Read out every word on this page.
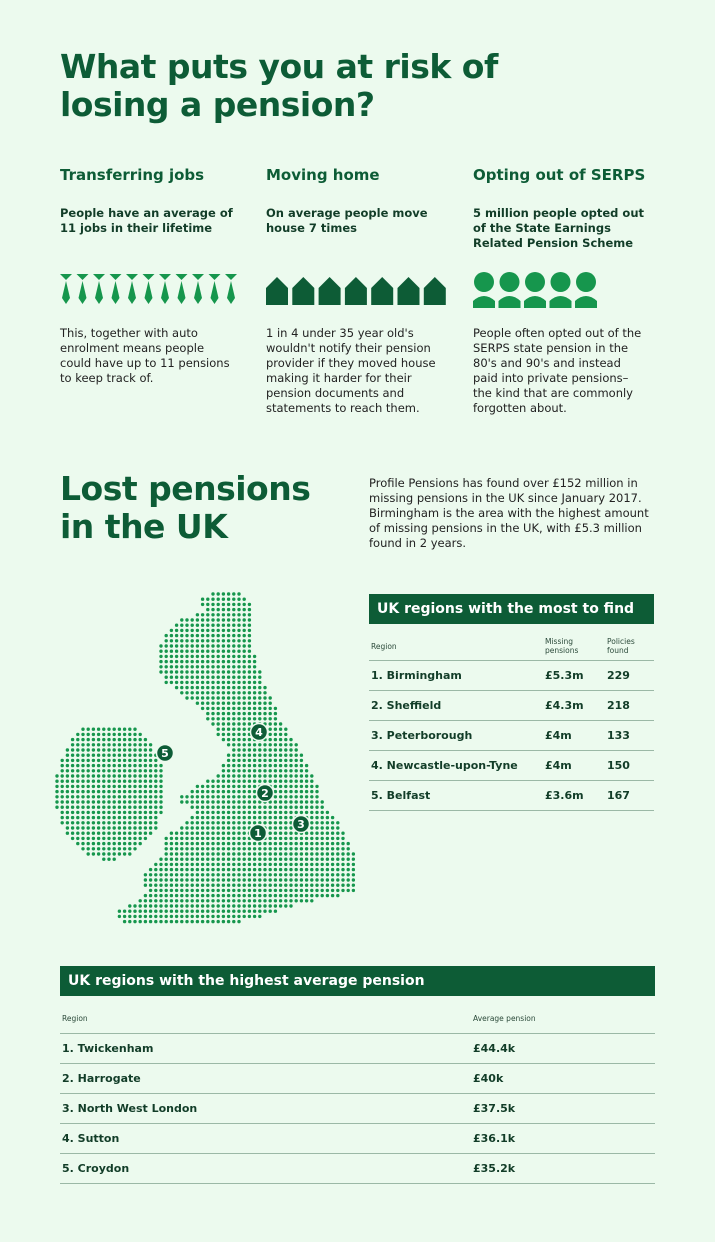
What puts you at risk of losing a pension?
Transferring jobs
People have an average of 11 jobs in their lifetime
This, together with auto enrolment means people could have up to 11 pensions to keep track of.
Moving home
On average people move house 7 times
1 in 4 under 35 year old's wouldn't notify their pension provider if they moved house making it harder for their pension documents and statements to reach them.
Opting out of SERPS
5 million people opted out of the State Earnings Related Pension Scheme
People often opted out of the SERPS state pension in the 80's and 90's and instead paid into private pensions– the kind that are commonly forgotten about.
Lost pensions in the UK
Profile Pensions has found over £152 million in missing pensions in the UK since January 2017. Birmingham is the area with the highest amount of missing pensions in the UK, with £5.3 million found in 2 years.
1
2
3
4
5
UK regions with the most to find
Region
Missing pensions
Policies found
1. Birmingham	£5.3m 229
2. Sheffield	£4.3m 218
3. Peterborough	£4m	133
4. Newcastle-upon-Tyne £4m	150
5. Belfast	£3.6m 167
UK regions with the highest average pension
Region	Average pension
1. Twickenham	£44.4k
2. Harrogate	£40k
3. North West London	£37.5k
4. Sutton	£36.1k
5. Croydon	£35.2k
